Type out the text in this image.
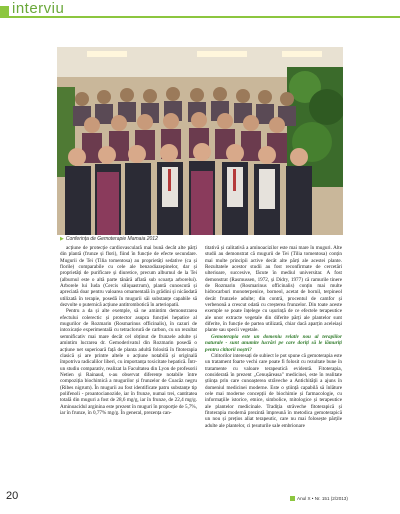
interviu
▶ Conferința de Gemoterapie Mamaia 2012

acțiune de protecție cardiovasculară mai bună decât alte părți din plantă (frunze și flori), fiind în funcție de efecte secundare. Mugurii de Tei (Tilia tomentosa) au proprietăți sedative (ca și florile) comparabile cu cele ale benzodiazepinelor, dar și proprietăți de purificare și diuretice, precum alburnul de la Tei (alburnul este o altă parte tânără aflată sub scoarța arborelui). Arborele lui Iuda (Cercis siliquastrum), plantă cunoscută și apreciată doar pentru valoarea ornamentală în grădini și nicăodată utilizată în terapie, posedă în mugurii săi substanțe capabile să dezvolte o puternică acțiune antitrombotică în arteriopatii.

Pentru a da și alte exemple, să ne amintim demonstrarea efectului colerectic și protector asupra funcției hepatice al mugurilor de Rozmarin (Rosmarinus officinalis), în cazuri de intoxicație experimentală cu tetraclorură de carbon, cu un rezultat semnificativ mai mare decât cel obținut de frunzele adulte și amintim lucrarea dr. Gemoderivatul din Rozmarin posedă o acțiune net superioară față de planta adultă folosită în fitoterapia clasică și are printre altele o acțiune notabilă și originală împotriva radicalilor liberi, cu importanța toxicitate hepatică. Într-un studiu comparativ, realizat la Facultatea din Lyon de profesorii Netien și Rainaud, s-au observat diferențe notabile între compoziția biochimică a mugurilor și frunzelor de Coacăz negru (Ribes nigrum). În mugurii au fost identificate patru substanțe tip polifenoli - proantocianozide, iar în frunze, numai trei, cantitatea totală din muguri a fost de 28,6 mg/g, iar în frunze, de 22,4 mg/g. Aminoacidul arginina este prezent în muguri în proporție de 5,7%, iar în frunze, în 0,77% mg/g. În general, prezența can-

titativă și calitativă a aminoacizilor este mai mare în muguri. Alte studii au demonstrat că mugurii de Tei (Tilia tomentosa) conțin mai multe principii active decât alte părți ale acestei plante. Rezultatele acestor studii au fost reconfirmate de cercetări ulterioare, succesive, făcute în mediul universitar. A fost demonstrat (Rasmussen, 1972, și Didry, 1977) că ramurile tinere de Rozmarin (Rosmarinus officinalis) conțin mai multe hidrocarburi monoterpenice, borneol, acetat de bornil, terpineol decât frunzele adulte; din contră, procentul de camfor și verbenonă a crescut odată cu creșterea frunzelor. Din toate aceste exemple se poate înțelege cu ușurință de ce efectele terapeutice ale unor extracte vegetale din diferite părți ale plantelor sunt diferite, în funcție de partea utilizată, chiar dacă aparțin aceleiași plante sau specii vegetale.

Gemoterapia este un domeniu relativ nou al terapiilor naturale - sunt anumite lucrări pe care doriți să le lămuriți pentru cititorii noștri?

Cititorilor interesați de subiect le pot spune că gemoterapia este un tratament foarte vechi care poate fi folosit cu rezultate bune în tratamente cu valoare terapeutică evidentă. Fitoterapia, considerată în prezent „Cenușăreasa" medicinei, este în realitate știința prin care cunoașterea străveche a Antichității a ajuns în domeniul medicinei moderne. Este o știință capabilă să înlăture cele mai moderne concepții de biochimie și farmacologie, cu informațiile istorice, etnice, simbolice, mitologice și terapeutice ale plantelor medicinale. Tradiția străveche fitoterapică și fitoterapia modernă prezintă împreună în metodica gemoterapică un nou și prețios aliat terapeutic, care nu mai folosește părțile adulte ale plantelor, ci țesuturile sale embrionare

20	Anul X • Nr. 151 (2/2013)
